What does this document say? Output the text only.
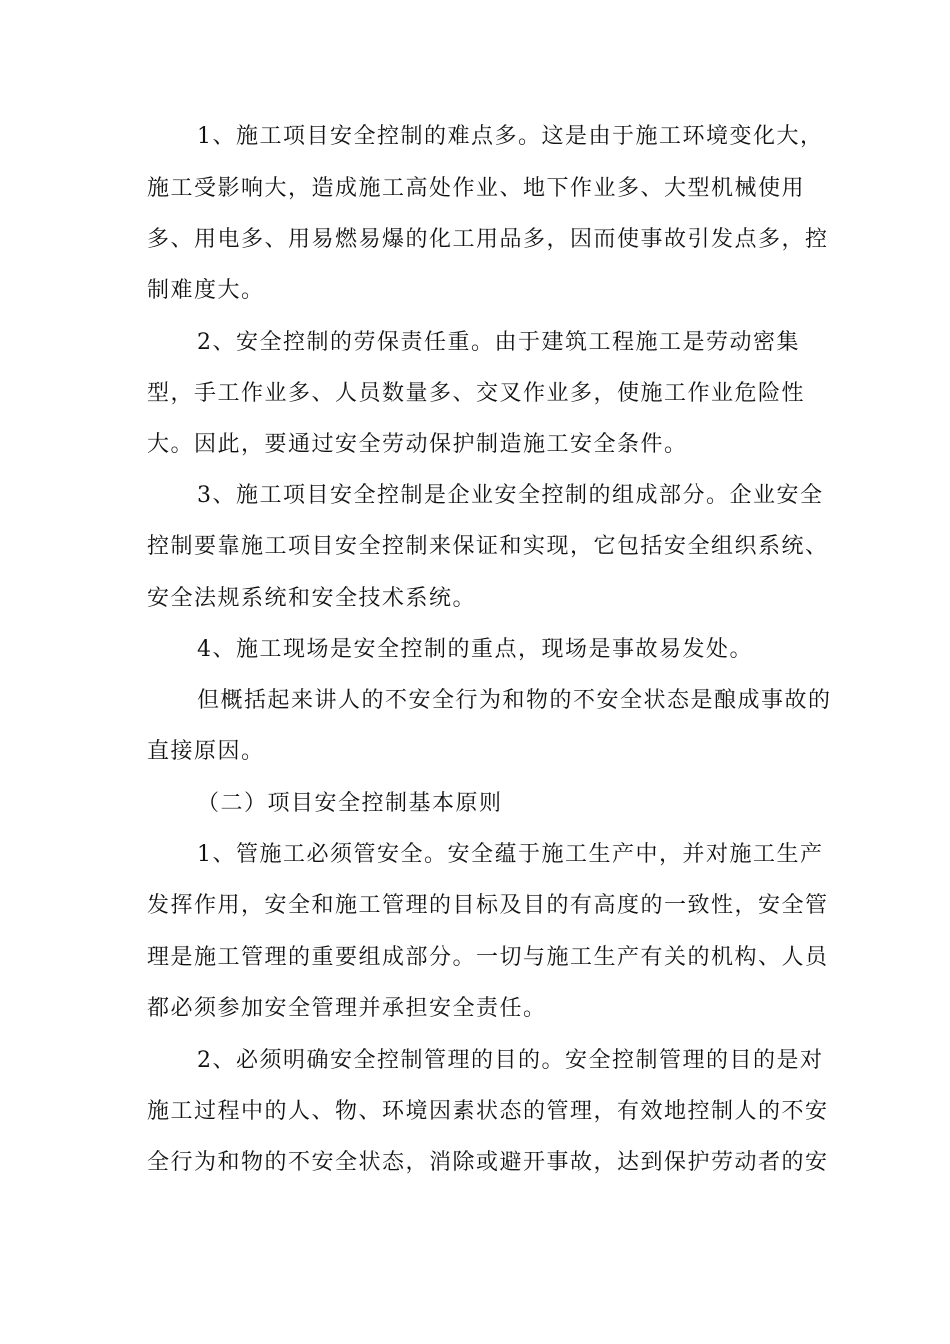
1、施工项目安全控制的难点多。这是由于施工环境变化大，
施工受影响大，造成施工高处作业、地下作业多、大型机械使用
多、用电多、用易燃易爆的化工用品多，因而使事故引发点多，控
制难度大。
2、安全控制的劳保责任重。由于建筑工程施工是劳动密集
型，手工作业多、人员数量多、交叉作业多，使施工作业危险性
大。因此，要通过安全劳动保护制造施工安全条件。
3、施工项目安全控制是企业安全控制的组成部分。企业安全
控制要靠施工项目安全控制来保证和实现，它包括安全组织系统、
安全法规系统和安全技术系统。
4、施工现场是安全控制的重点，现场是事故易发处。
但概括起来讲人的不安全行为和物的不安全状态是酿成事故的
直接原因。
（二）项目安全控制基本原则
1、管施工必须管安全。安全蕴于施工生产中，并对施工生产
发挥作用，安全和施工管理的目标及目的有高度的一致性，安全管
理是施工管理的重要组成部分。一切与施工生产有关的机构、人员
都必须参加安全管理并承担安全责任。
2、必须明确安全控制管理的目的。安全控制管理的目的是对
施工过程中的人、物、环境因素状态的管理，有效地控制人的不安
全行为和物的不安全状态，消除或避开事故，达到保护劳动者的安
